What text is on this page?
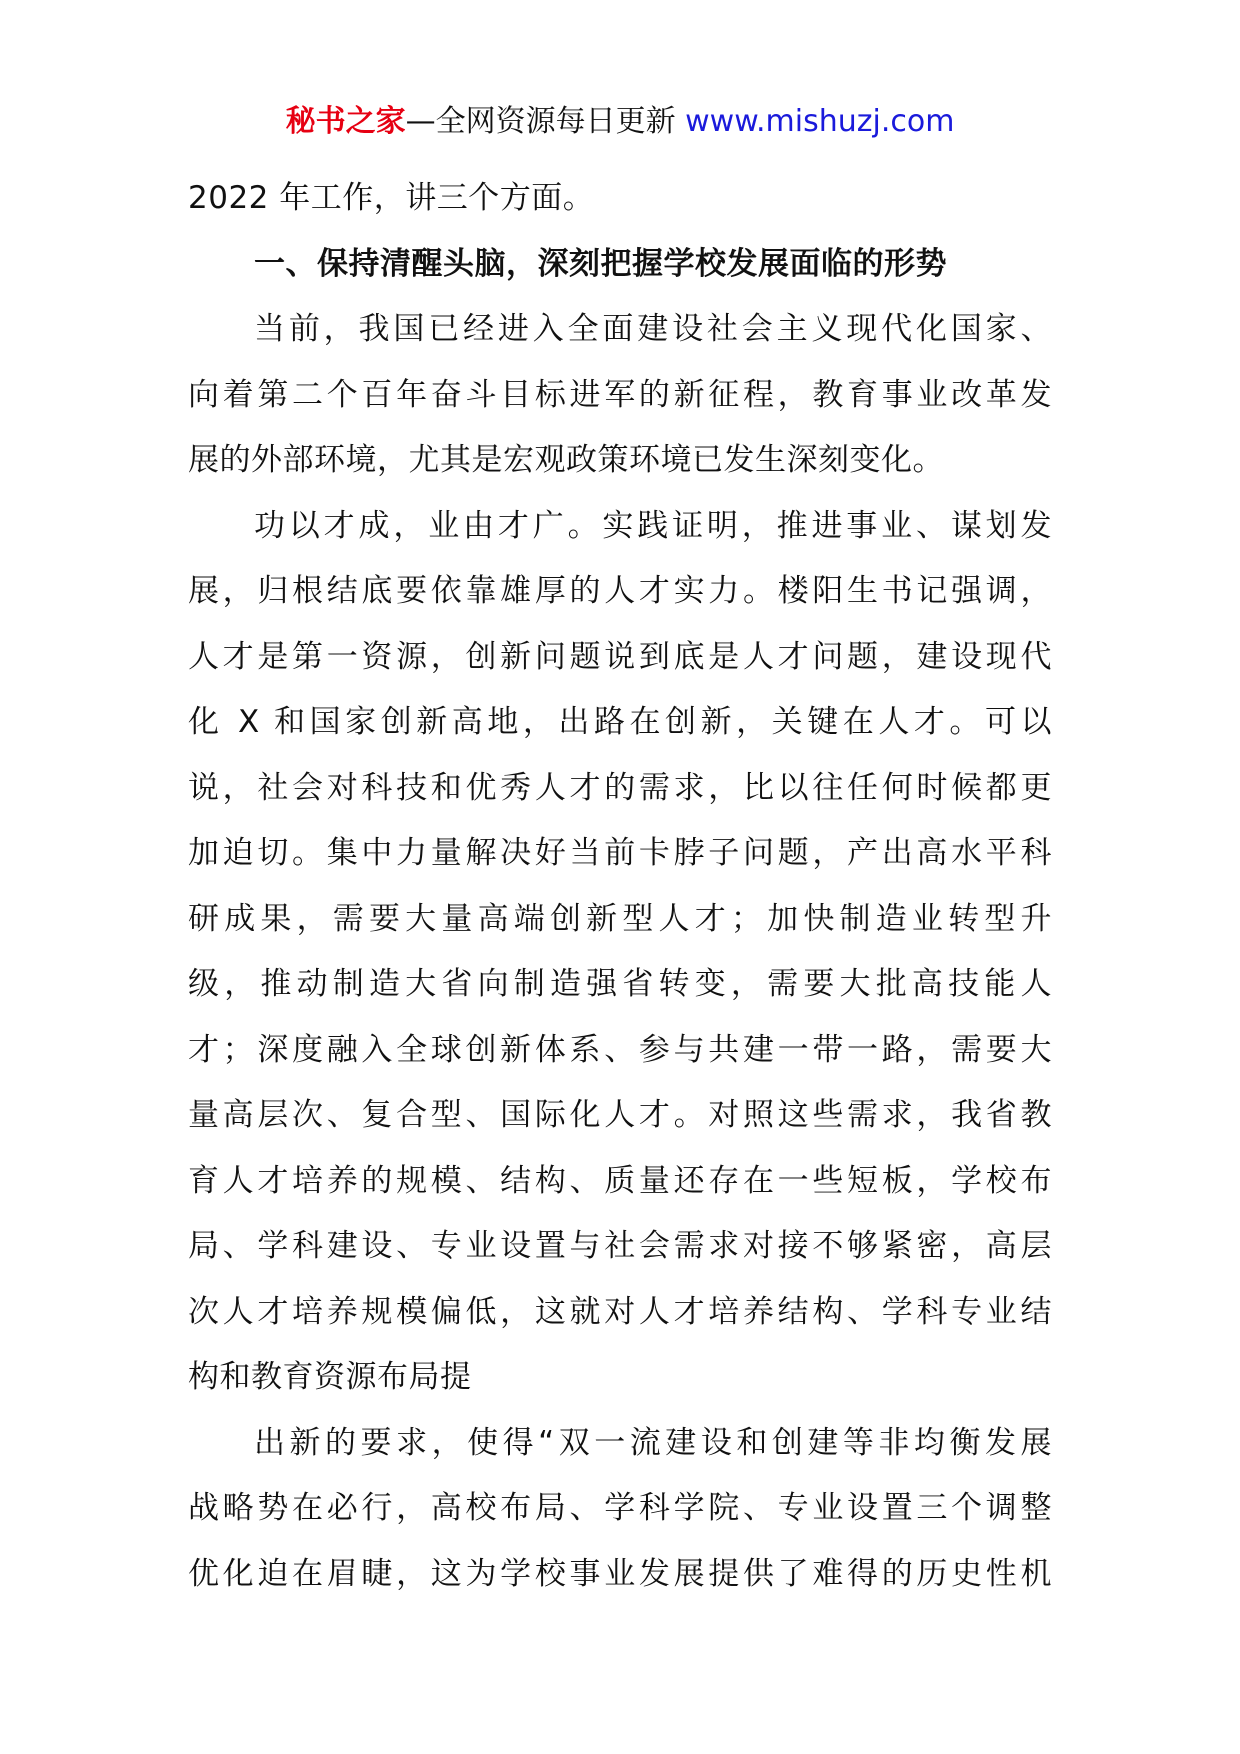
秘书之家—全网资源每日更新 www.mishuzj.com
2022 年工作，讲三个方面。
一、保持清醒头脑，深刻把握学校发展面临的形势
当前，我国已经进入全面建设社会主义现代化国家、
向着第二个百年奋斗目标进军的新征程，教育事业改革发
展的外部环境，尤其是宏观政策环境已发生深刻变化。
功以才成，业由才广。实践证明，推进事业、谋划发
展，归根结底要依靠雄厚的人才实力。楼阳生书记强调，
人才是第一资源，创新问题说到底是人才问题，建设现代
化 X 和国家创新高地，出路在创新，关键在人才。可以
说，社会对科技和优秀人才的需求，比以往任何时候都更
加迫切。集中力量解决好当前卡脖子问题，产出高水平科
研成果，需要大量高端创新型人才；加快制造业转型升
级，推动制造大省向制造强省转变，需要大批高技能人
才；深度融入全球创新体系、参与共建一带一路，需要大
量高层次、复合型、国际化人才。对照这些需求，我省教
育人才培养的规模、结构、质量还存在一些短板，学校布
局、学科建设、专业设置与社会需求对接不够紧密，高层
次人才培养规模偏低，这就对人才培养结构、学科专业结
构和教育资源布局提
出新的要求，使得“双一流建设和创建等非均衡发展
战略势在必行，高校布局、学科学院、专业设置三个调整
优化迫在眉睫，这为学校事业发展提供了难得的历史性机
